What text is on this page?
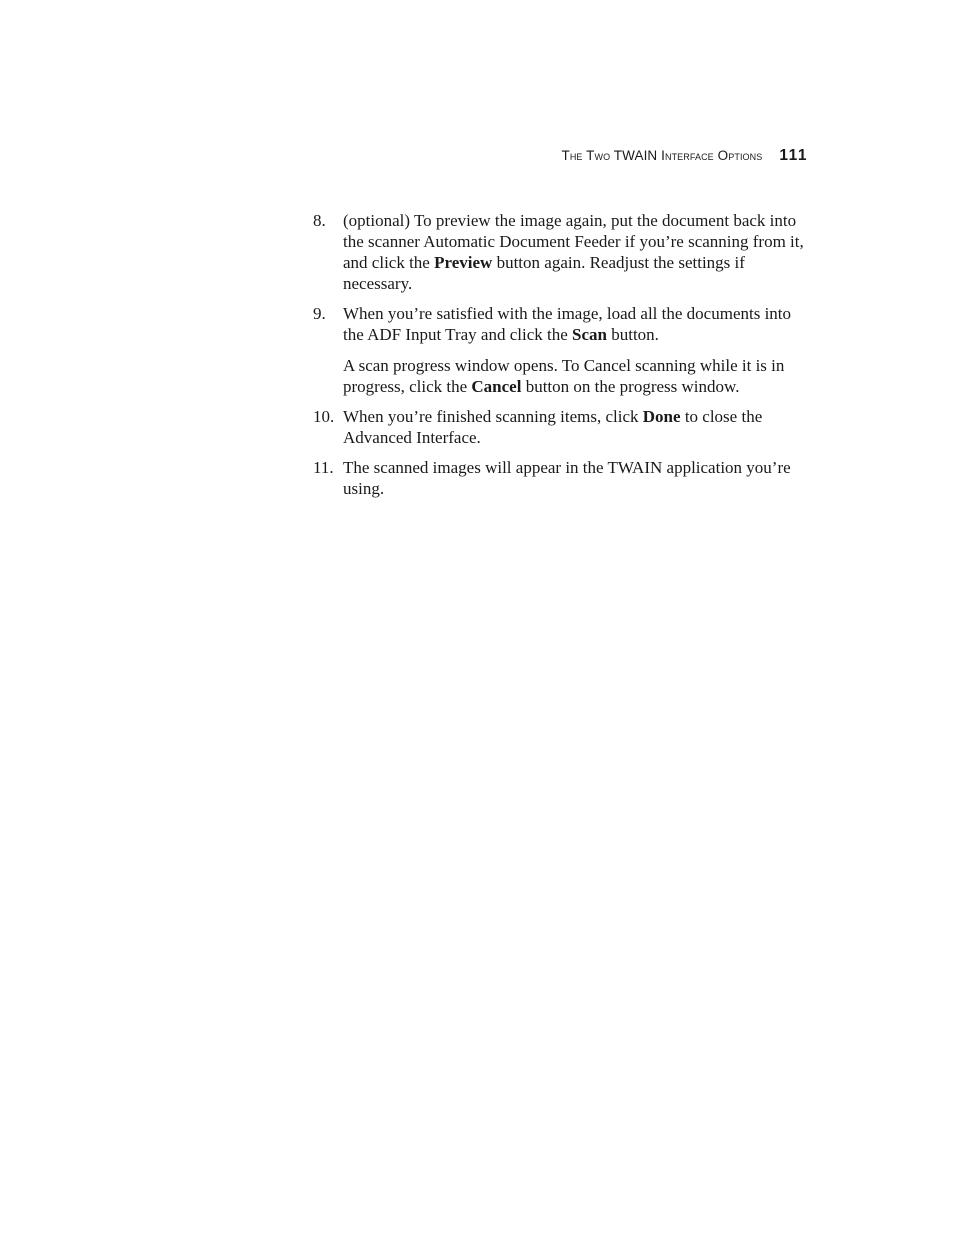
The Two TWAIN Interface Options 111
8.	(optional) To preview the image again, put the document back into the scanner Automatic Document Feeder if you’re scanning from it, and click the Preview button again. Readjust the settings if necessary.

9.	When you’re satisfied with the image, load all the documents into the ADF Input Tray and click the Scan button.

A scan progress window opens. To Cancel scanning while it is in progress, click the Cancel button on the progress window.

10. When you’re finished scanning items, click Done to close the Advanced Interface.

11. The scanned images will appear in the TWAIN application you’re using.
